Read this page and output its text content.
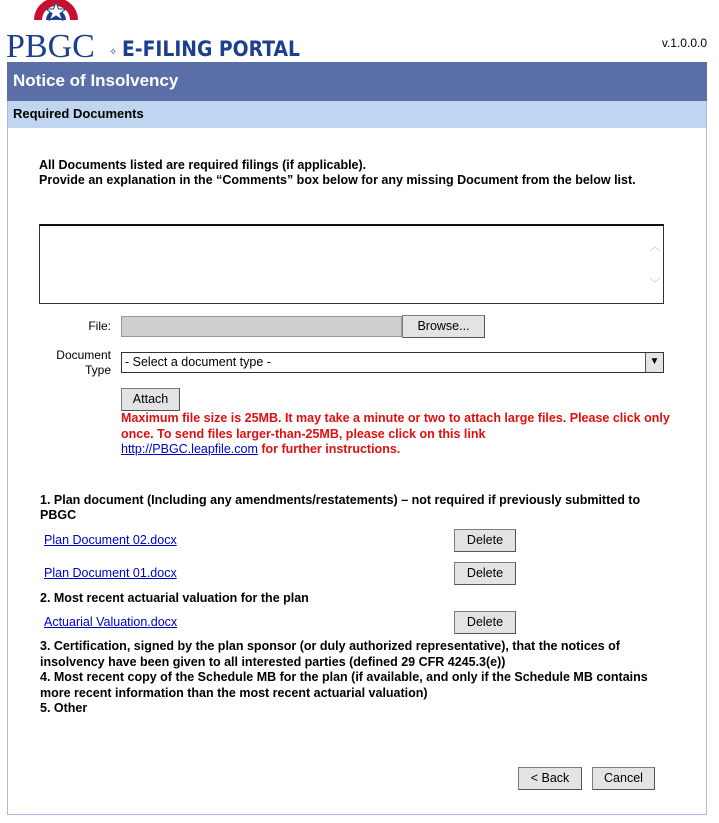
PBGC ✧ E-FILING PORTAL	v.1.0.0.0
Notice of Insolvency
Required Documents
All Documents listed are required filings (if applicable).
Provide an explanation in the “Comments” box below for any missing Document from the below list.
︿
﹀
File:	Browse...
Document Type
- Select a document type -	▼
Attach
Maximum file size is 25MB. It may take a minute or two to attach large files. Please click only once. To send files larger-than-25MB, please click on this link
http://PBGC.leapfile.com for further instructions.
1. Plan document (Including any amendments/restatements) – not required if previously submitted to PBGC
Plan Document 02.docx	Delete
Plan Document 01.docx	Delete
2. Most recent actuarial valuation for the plan
Actuarial Valuation.docx	Delete
3. Certification, signed by the plan sponsor (or duly authorized representative), that the notices of insolvency have been given to all interested parties (defined 29 CFR 4245.3(e))
4. Most recent copy of the Schedule MB for the plan (if available, and only if the Schedule MB contains more recent information than the most recent actuarial valuation)
5. Other
< Back	Cancel
